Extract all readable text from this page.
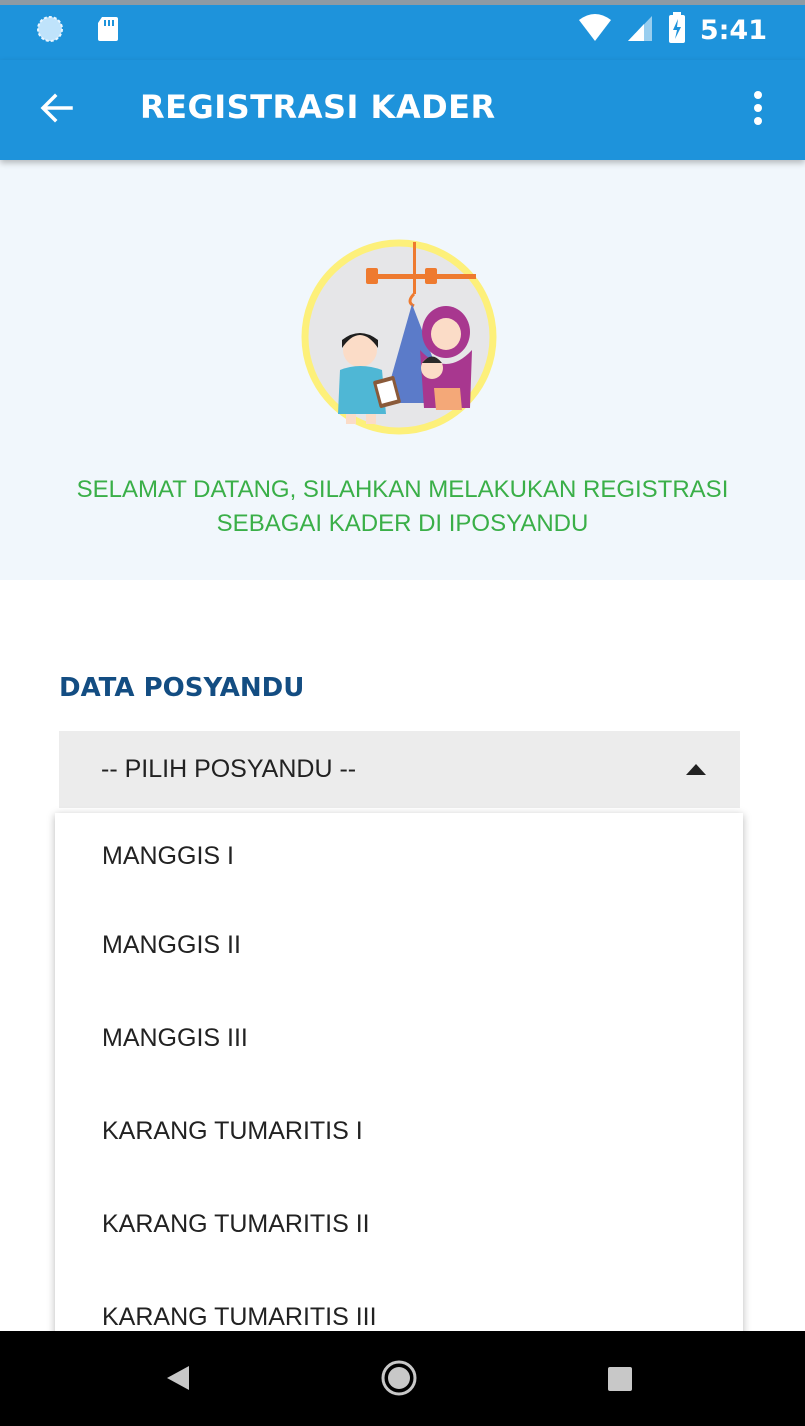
5:41
REGISTRASI KADER
SELAMAT DATANG, SILAHKAN MELAKUKAN REGISTRASI SEBAGAI KADER DI IPOSYANDU
DATA POSYANDU
-- PILIH POSYANDU --
MANGGIS I
MANGGIS II
MANGGIS III
KARANG TUMARITIS I
KARANG TUMARITIS II
KARANG TUMARITIS III
